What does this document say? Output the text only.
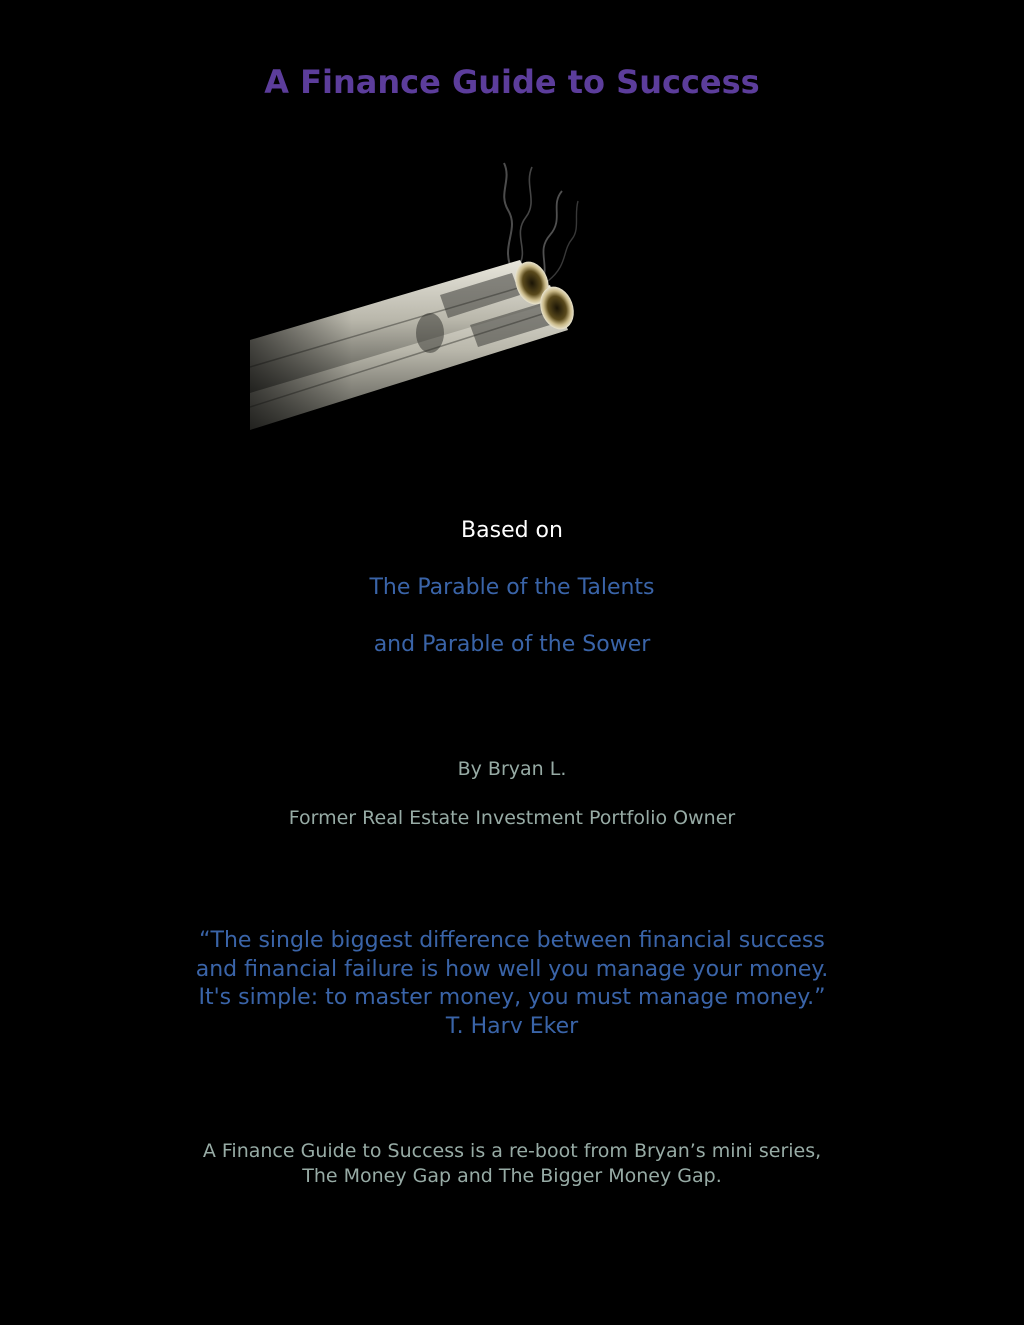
A Finance Guide to Success

Based on

The Parable of the Talents

and Parable of the Sower

By Bryan L.

Former Real Estate Investment Portfolio Owner

“The single biggest difference between financial success
and financial failure is how well you manage your money.
It's simple: to master money, you must manage money.”
T. Harv Eker
A Finance Guide to Success is a re-boot from Bryan’s mini series,
The Money Gap and The Bigger Money Gap.
